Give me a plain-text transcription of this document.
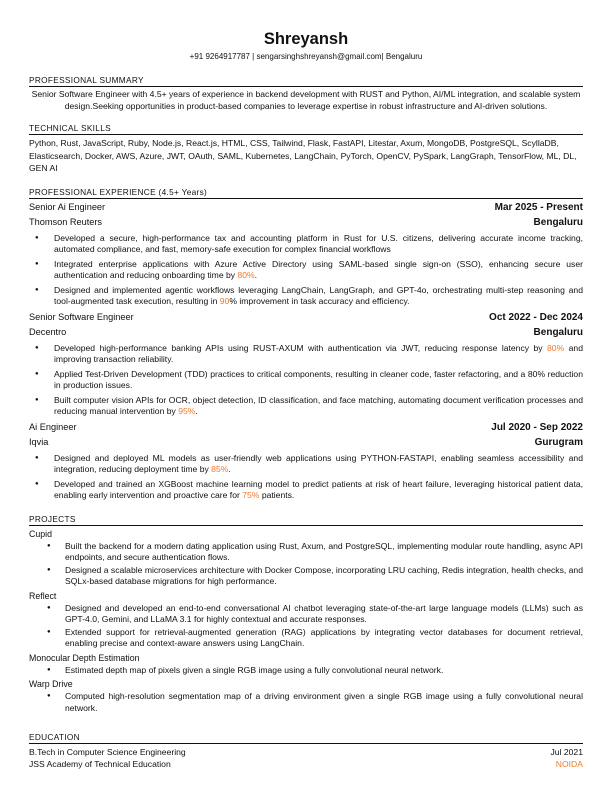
Shreyansh
+91 9264917787 | sengarsinghshreyansh@gmail.com| Bengaluru
PROFESSIONAL SUMMARY
Senior Software Engineer with 4.5+ years of experience in backend development with RUST and Python, AI/ML integration, and scalable system design.Seeking opportunities in product-based companies to leverage expertise in robust infrastructure and AI-driven solutions.
TECHNICAL SKILLS
Python, Rust, JavaScript, Ruby, Node.js, React.js, HTML, CSS, Tailwind, Flask, FastAPI, Litestar, Axum, MongoDB, PostgreSQL, ScyllaDB, Elasticsearch, Docker, AWS, Azure, JWT, OAuth, SAML, Kubernetes, LangChain, PyTorch, OpenCV, PySpark, LangGraph, TensorFlow, ML, DL, GEN AI
PROFESSIONAL EXPERIENCE (4.5+ Years)
Senior Ai Engineer	Mar 2025 - Present
Thomson Reuters	Bengaluru
● Developed a secure, high-performance tax and accounting platform in Rust for U.S. citizens, delivering accurate income tracking, automated compliance, and fast, memory-safe execution for complex financial workflows
● Integrated enterprise applications with Azure Active Directory using SAML-based single sign-on (SSO), enhancing secure user authentication and reducing onboarding time by 80%.
● Designed and implemented agentic workflows leveraging LangChain, LangGraph, and GPT-4o, orchestrating multi-step reasoning and tool-augmented task execution, resulting in 90% improvement in task accuracy and efficiency.
Senior Software Engineer	Oct 2022 - Dec 2024
Decentro	Bengaluru
● Developed high-performance banking APIs using RUST-AXUM with authentication via JWT, reducing response latency by 80% and improving transaction reliability.
● Applied Test-Driven Development (TDD) practices to critical components, resulting in cleaner code, faster refactoring, and a 80% reduction in production issues.
● Built computer vision APIs for OCR, object detection, ID classification, and face matching, automating document verification processes and reducing manual intervention by 95%.
Ai Engineer	Jul 2020 - Sep 2022
Iqvia	Gurugram
● Designed and deployed ML models as user-friendly web applications using PYTHON-FASTAPI, enabling seamless accessibility and integration, reducing deployment time by 85%.
● Developed and trained an XGBoost machine learning model to predict patients at risk of heart failure, leveraging historical patient data, enabling early intervention and proactive care for 75% patients.
PROJECTS
Cupid
● Built the backend for a modern dating application using Rust, Axum, and PostgreSQL, implementing modular route handling, async API endpoints, and secure authentication flows.
● Designed a scalable microservices architecture with Docker Compose, incorporating LRU caching, Redis integration, health checks, and SQLx-based database migrations for high performance.
Reflect
● Designed and developed an end-to-end conversational AI chatbot leveraging state-of-the-art large language models (LLMs) such as GPT-4.0, Gemini, and LLaMA 3.1 for highly contextual and accurate responses.
● Extended support for retrieval-augmented generation (RAG) applications by integrating vector databases for document retrieval, enabling precise and context-aware answers using LangChain.
Monocular Depth Estimation
● Estimated depth map of pixels given a single RGB image using a fully convolutional neural network.
Warp Drive
● Computed high-resolution segmentation map of a driving environment given a single RGB image using a fully convolutional neural network.
EDUCATION
B.Tech in Computer Science Engineering	Jul 2021
JSS Academy of Technical Education	NOIDA
